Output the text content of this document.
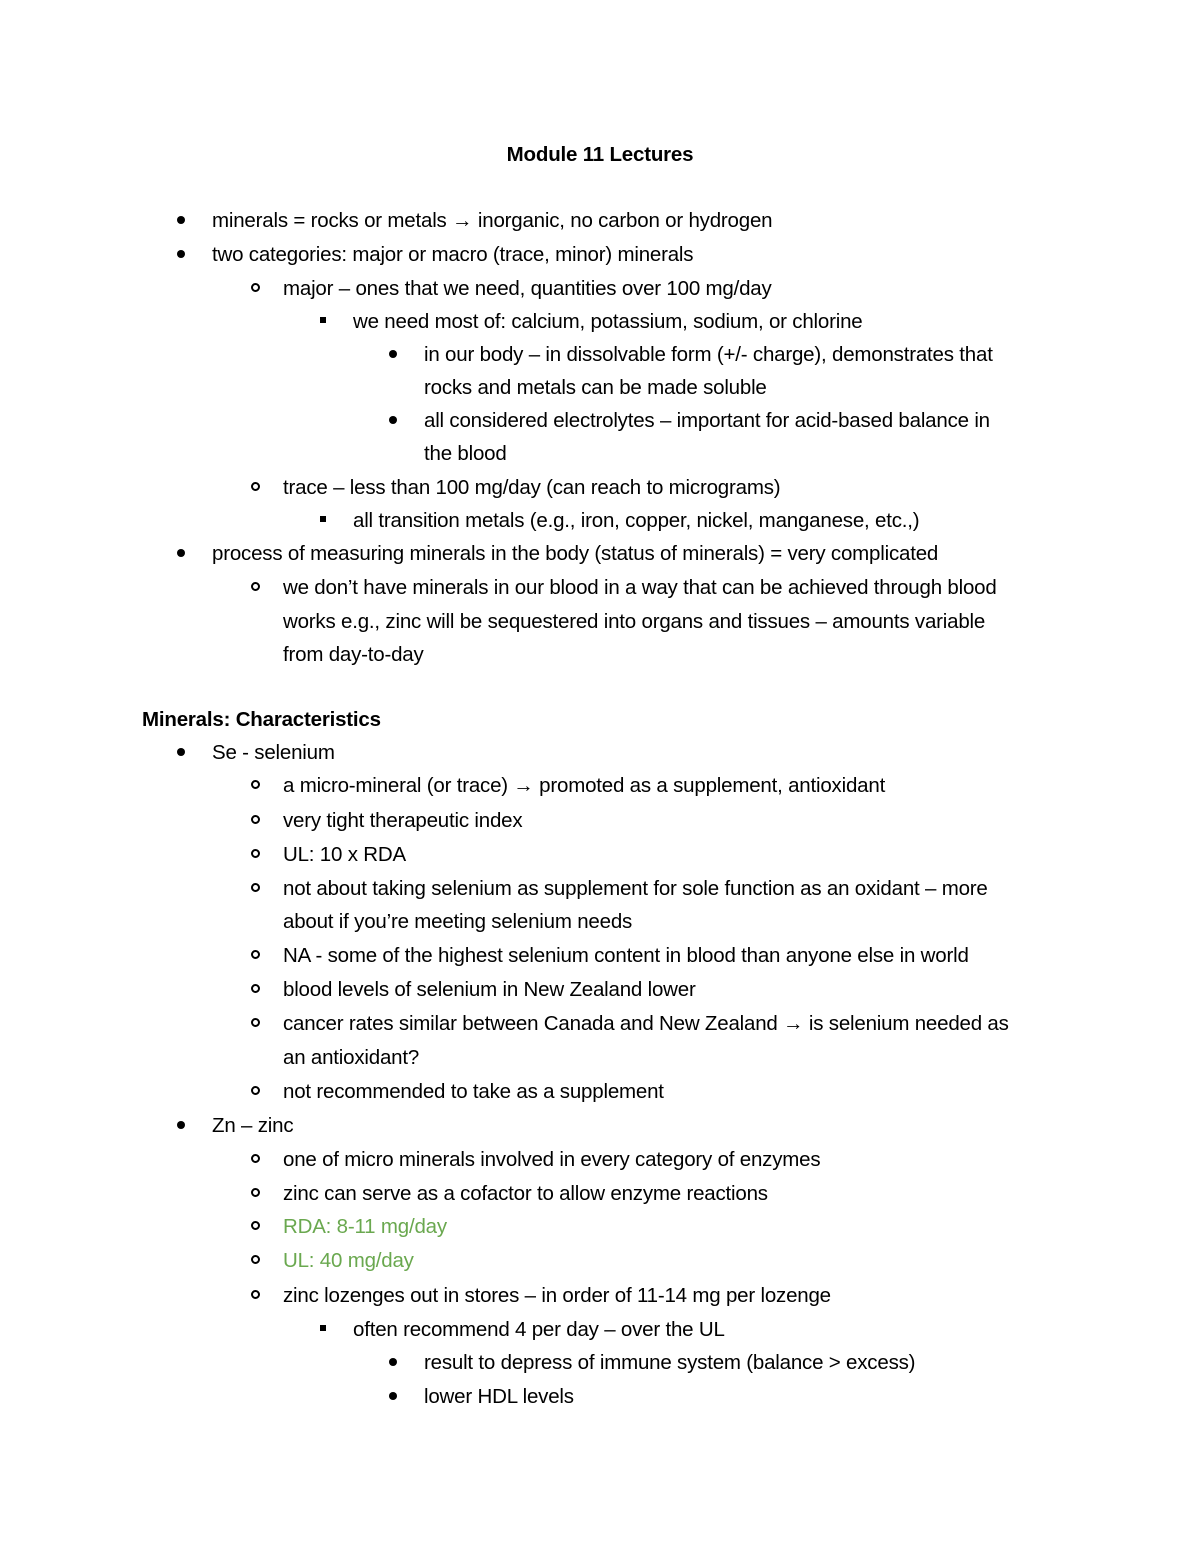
Module 11 Lectures
minerals = rocks or metals → inorganic, no carbon or hydrogen
two categories: major or macro (trace, minor) minerals
major – ones that we need, quantities over 100 mg/day
we need most of: calcium, potassium, sodium, or chlorine
in our body – in dissolvable form (+/- charge), demonstrates that
rocks and metals can be made soluble
all considered electrolytes – important for acid-based balance in
the blood
trace – less than 100 mg/day (can reach to micrograms)
all transition metals (e.g., iron, copper, nickel, manganese, etc.,)
process of measuring minerals in the body (status of minerals) = very complicated
we don’t have minerals in our blood in a way that can be achieved through blood
works e.g., zinc will be sequestered into organs and tissues – amounts variable
from day-to-day
Minerals: Characteristics
Se - selenium
a micro-mineral (or trace) → promoted as a supplement, antioxidant
very tight therapeutic index
UL: 10 x RDA
not about taking selenium as supplement for sole function as an oxidant – more
about if you’re meeting selenium needs
NA - some of the highest selenium content in blood than anyone else in world
blood levels of selenium in New Zealand lower
cancer rates similar between Canada and New Zealand → is selenium needed as
an antioxidant?
not recommended to take as a supplement
Zn – zinc
one of micro minerals involved in every category of enzymes
zinc can serve as a cofactor to allow enzyme reactions
RDA: 8-11 mg/day
UL: 40 mg/day
zinc lozenges out in stores – in order of 11-14 mg per lozenge
often recommend 4 per day – over the UL
result to depress of immune system (balance > excess)
lower HDL levels
